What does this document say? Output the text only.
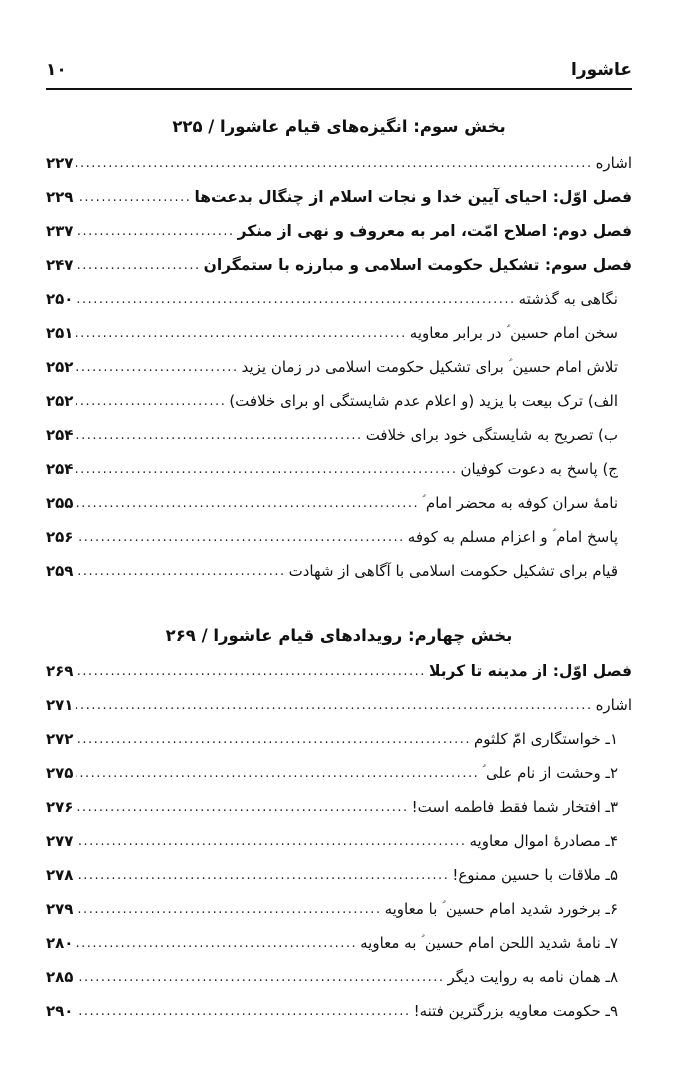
۱۰	عاشورا
بخش سوم: انگیزه‌های قیام عاشورا / ۲۲۵
اشاره
.....
۲۲۷
فصل اوّل: احیای آیین خدا و نجات اسلام از چنگال بدعت‌ها
.....
۲۲۹
فصل دوم: اصلاح امّت، امر به معروف و نهی از منکر
.....
۲۳۷
فصل سوم: تشکیل حکومت اسلامی و مبارزه با ستمگران
.....
۲۴۷
نگاهی به گذشته
.....
۲۵۰
سخن امام حسین ؑ در برابر معاویه
.....
۲۵۱
تلاش امام حسین ؑ برای تشکیل حکومت اسلامی در زمان یزید
.....
۲۵۲
الف) ترک بیعت با یزید (و اعلام عدم شایستگی او برای خلافت)
.....
۲۵۲
ب) تصریح به شایستگی خود برای خلافت
.....
۲۵۴
ج) پاسخ به دعوت کوفیان
.....
۲۵۴
نامهٔ سران کوفه به محضر امام ؑ
.....
۲۵۵
پاسخ امام ؑ و اعزام مسلم به کوفه
.....
۲۵۶
قیام برای تشکیل حکومت اسلامی با آگاهی از شهادت
.....
۲۵۹
بخش چهارم: رویدادهای قیام عاشورا / ۲۶۹
فصل اوّل: از مدینه تا کربلا
.....
۲۶۹
اشاره
.....
۲۷۱
۱ـ خواستگاری امّ کلثوم
.....
۲۷۲
۲ـ وحشت از نام علی ؑ
.....
۲۷۵
۳ـ افتخار شما فقط فاطمه است!
.....
۲۷۶
۴ـ مصادرهٔ اموال معاویه
.....
۲۷۷
۵ـ ملاقات با حسین ممنوع!
.....
۲۷۸
۶ـ برخورد شدید امام حسین ؑ با معاویه
.....
۲۷۹
۷ـ نامهٔ شدید اللحن امام حسین ؑ به معاویه
.....
۲۸۰
۸ـ همان نامه به روایت دیگر
.....
۲۸۵
۹ـ حکومت معاویه بزرگترین فتنه!
.....
۲۹۰
